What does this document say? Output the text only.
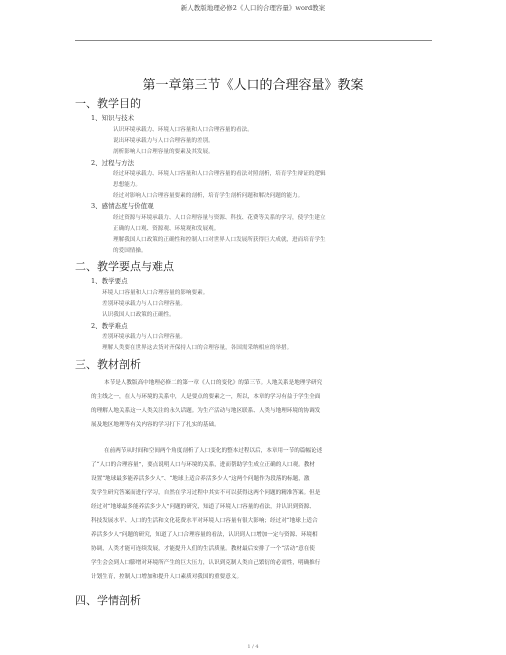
新人教版地理必修2《人口的合理容量》word教案
第一章第三节《人口的合理容量》教案
一、教学目的
1、知识与技术
认识环境承载力、环境人口容量和人口合理容量的看法。
说出环境承载力与人口合理容量的差别。
剖析影响人口合理容量的要素及其发展。
2、过程与方法
经过环境承载力、环境人口容量和人口合理容量的看法对照剖析，培育学生辩证的逻辑
思想能力。
经过对影响人口合理容量要素的剖析，培育学生剖析问题和解决问题的能力。
3、感情态度与价值观
经过资源与环境承载力、人口合理容量与资源、科技、花费等关系的学习，使学生建立
正确的人口观、资源观、环境观和发展观。
理解我国人口政策的正确性和控制人口对世界人口发展所获得巨大成就，进而培育学生
的爱国情操。
二、教学要点与难点
1、教学要点
环境人口容量和人口合理容量的影响要素。
差别环境承载力与人口合理容量。
认识我国人口政策的正确性。
2、教学难点
差别环境承载力与人口合理容量。
理解人类要在世界这去货对齐保持人口的合理容量，各国需采纳相应的举措。
三、教材剖析
本节是人教版高中地理必修二的第一章《人口的变化》的第三节。人地关系是地理学研究
的主线之一，在人与环境的关系中，人是要点的要素之一，所以，本章的学习有益于学生全面
的理解人地关系这一人类关注的永久话题。为生产活动与地区联系、人类与地理环境的协调发
展及地区地理等有关内容的学习打下了扎实的基础。
在前两节从时间和空间两个角度剖析了人口变化的整本过程以后，本章用一节的篇幅论述
了“人口的合理容量”，要点说明人口与环境的关系，进而帮助学生成立正确的人口观。教材
设置“地球最多能养活多少人”、“地球上适合养活多少人”这两个问题作为段落的标题，激
发学生研究答案而进行学习，自然在学习过程中其实不可以获得这两个问题的精准答案。但是
经过对“地球最多能养活多少人”问题的研究，知道了环境人口容量的看法，并认识到资源、
科技发展水平、人口的生活和文化花费水平对环境人口容量有很大影响；经过对“地球上适合
养活多少人”问题的研究，知道了人口合理容量的看法，认识到人口增加一定与资源、环境相
协调，人类才能可连续发展，才能提升人们的生活质量。教材最后安排了一个“活动”意在使
学生会会到人口膨增对环境所产生的巨大压力，认识到克制人类自己繁衍的必需性，明确推行
计划生育，控制人口增加和提升人口素质对我国的重要意义。
四、学情剖析
1 / 4
